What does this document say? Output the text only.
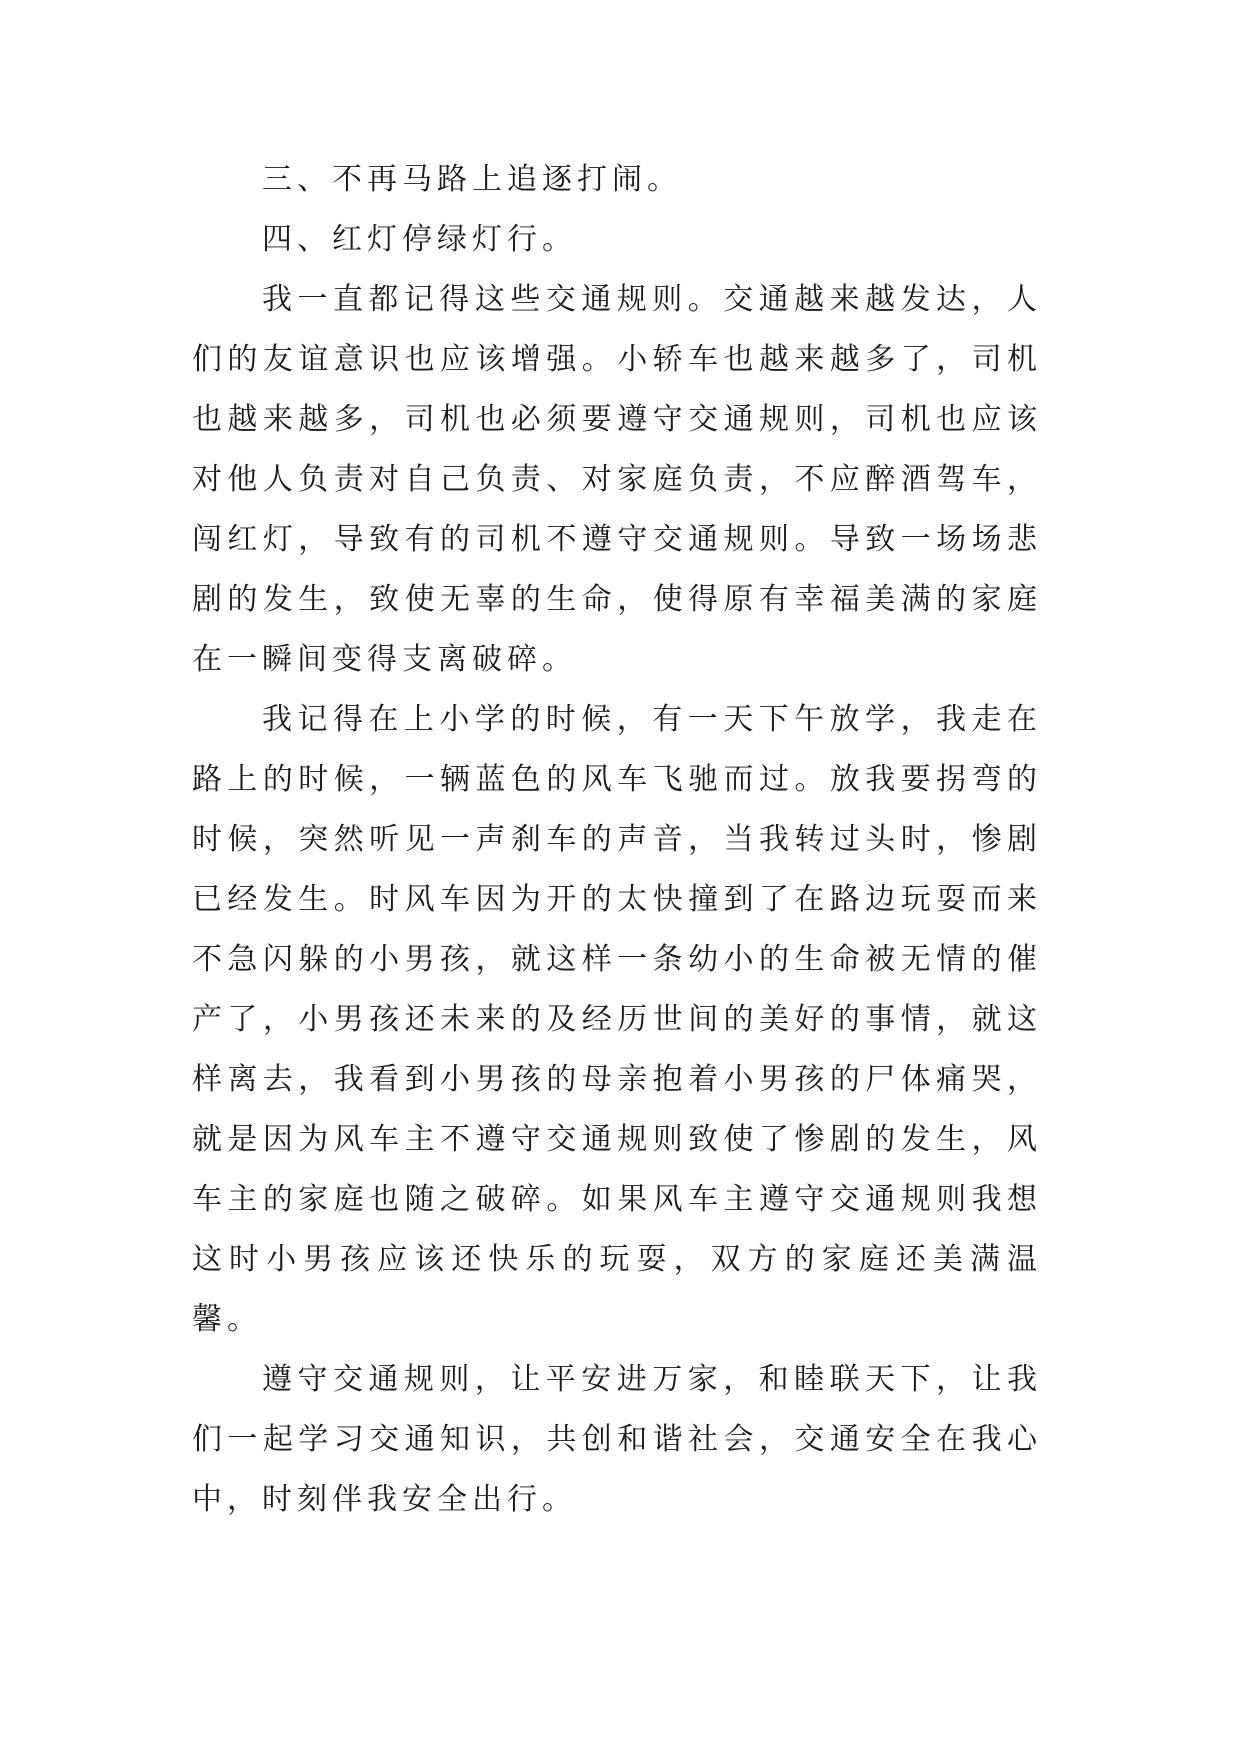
三、不再马路上追逐打闹。

四、红灯停绿灯行。

我一直都记得这些交通规则。交通越来越发达，人们的友谊意识也应该增强。小轿车也越来越多了，司机也越来越多，司机也必须要遵守交通规则，司机也应该对他人负责对自己负责、对家庭负责，不应醉酒驾车，闯红灯，导致有的司机不遵守交通规则。导致一场场悲剧的发生，致使无辜的生命，使得原有幸福美满的家庭在一瞬间变得支离破碎。

我记得在上小学的时候，有一天下午放学，我走在路上的时候，一辆蓝色的风车飞驰而过。放我要拐弯的时候，突然听见一声刹车的声音，当我转过头时，惨剧已经发生。时风车因为开的太快撞到了在路边玩耍而来不急闪躲的小男孩，就这样一条幼小的生命被无情的催产了，小男孩还未来的及经历世间的美好的事情，就这样离去，我看到小男孩的母亲抱着小男孩的尸体痛哭，就是因为风车主不遵守交通规则致使了惨剧的发生，风车主的家庭也随之破碎。如果风车主遵守交通规则我想这时小男孩应该还快乐的玩耍，双方的家庭还美满温馨。

遵守交通规则，让平安进万家，和睦联天下，让我们一起学习交通知识，共创和谐社会，交通安全在我心中，时刻伴我安全出行。
